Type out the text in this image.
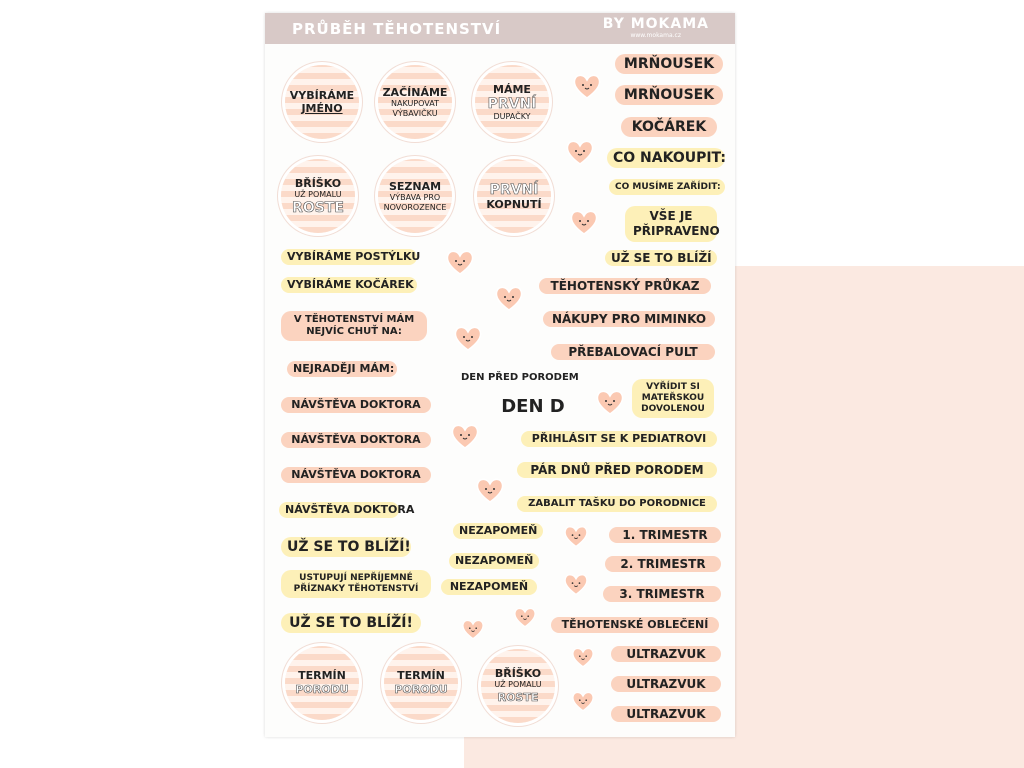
PRŮBĚH TĚHOTENSTVÍ	BY MOKAMA
www.mokama.cz
VYBÍRÁME
JMÉNO
ZAČÍNÁME
NAKUPOVAT
VÝBAVIČKU
MÁME
PRVNÍ
DUPAČKY
BŘÍŠKO
UŽ POMALU
ROSTE
SEZNAM
VÝBAVA PRO
NOVOROZENCE
PRVNÍ
KOPNUTÍ
TERMÍN
PORODU
TERMÍN
PORODU
BŘÍŠKO
UŽ POMALU
ROSTE
MRŇOUSEK
MRŇOUSEK
KOČÁREK
CO NAKOUPIT:
CO MUSÍME ZAŘÍDIT:
VŠE JE
PŘIPRAVENO
VYBÍRÁME POSTÝLKU	UŽ SE TO BLÍŽÍ
VYBÍRÁME KOČÁREK	TĚHOTENSKÝ PRŮKAZ
V TĚHOTENSTVÍ MÁM
NEJVÍC CHUŤ NA:
NÁKUPY PRO MIMINKO
PŘEBALOVACÍ PULT
NEJRADĚJI MÁM:
DEN PŘED PORODEM
DEN D
VYŘÍDIT SI
MATEŘSKOU
DOVOLENOU
NÁVŠTĚVA DOKTORA
PŘIHLÁSIT SE K PEDIATROVI
NÁVŠTĚVA DOKTORA
PÁR DNŮ PŘED PORODEM
NÁVŠTĚVA DOKTORA
ZABALIT TAŠKU DO PORODNICE
NÁVŠTĚVA DOKTORA
NEZAPOMEŇ	1. TRIMESTR
UŽ SE TO BLÍŽÍ!
NEZAPOMEŇ	2. TRIMESTR
USTUPUJÍ NEPŘÍJEMNÉ
PŘÍZNAKY TĚHOTENSTVÍ	NEZAPOMEŇ
3. TRIMESTR
UŽ SE TO BLÍŽÍ!	TĚHOTENSKÉ OBLEČENÍ
ULTRAZVUK
ULTRAZVUK
ULTRAZVUK
